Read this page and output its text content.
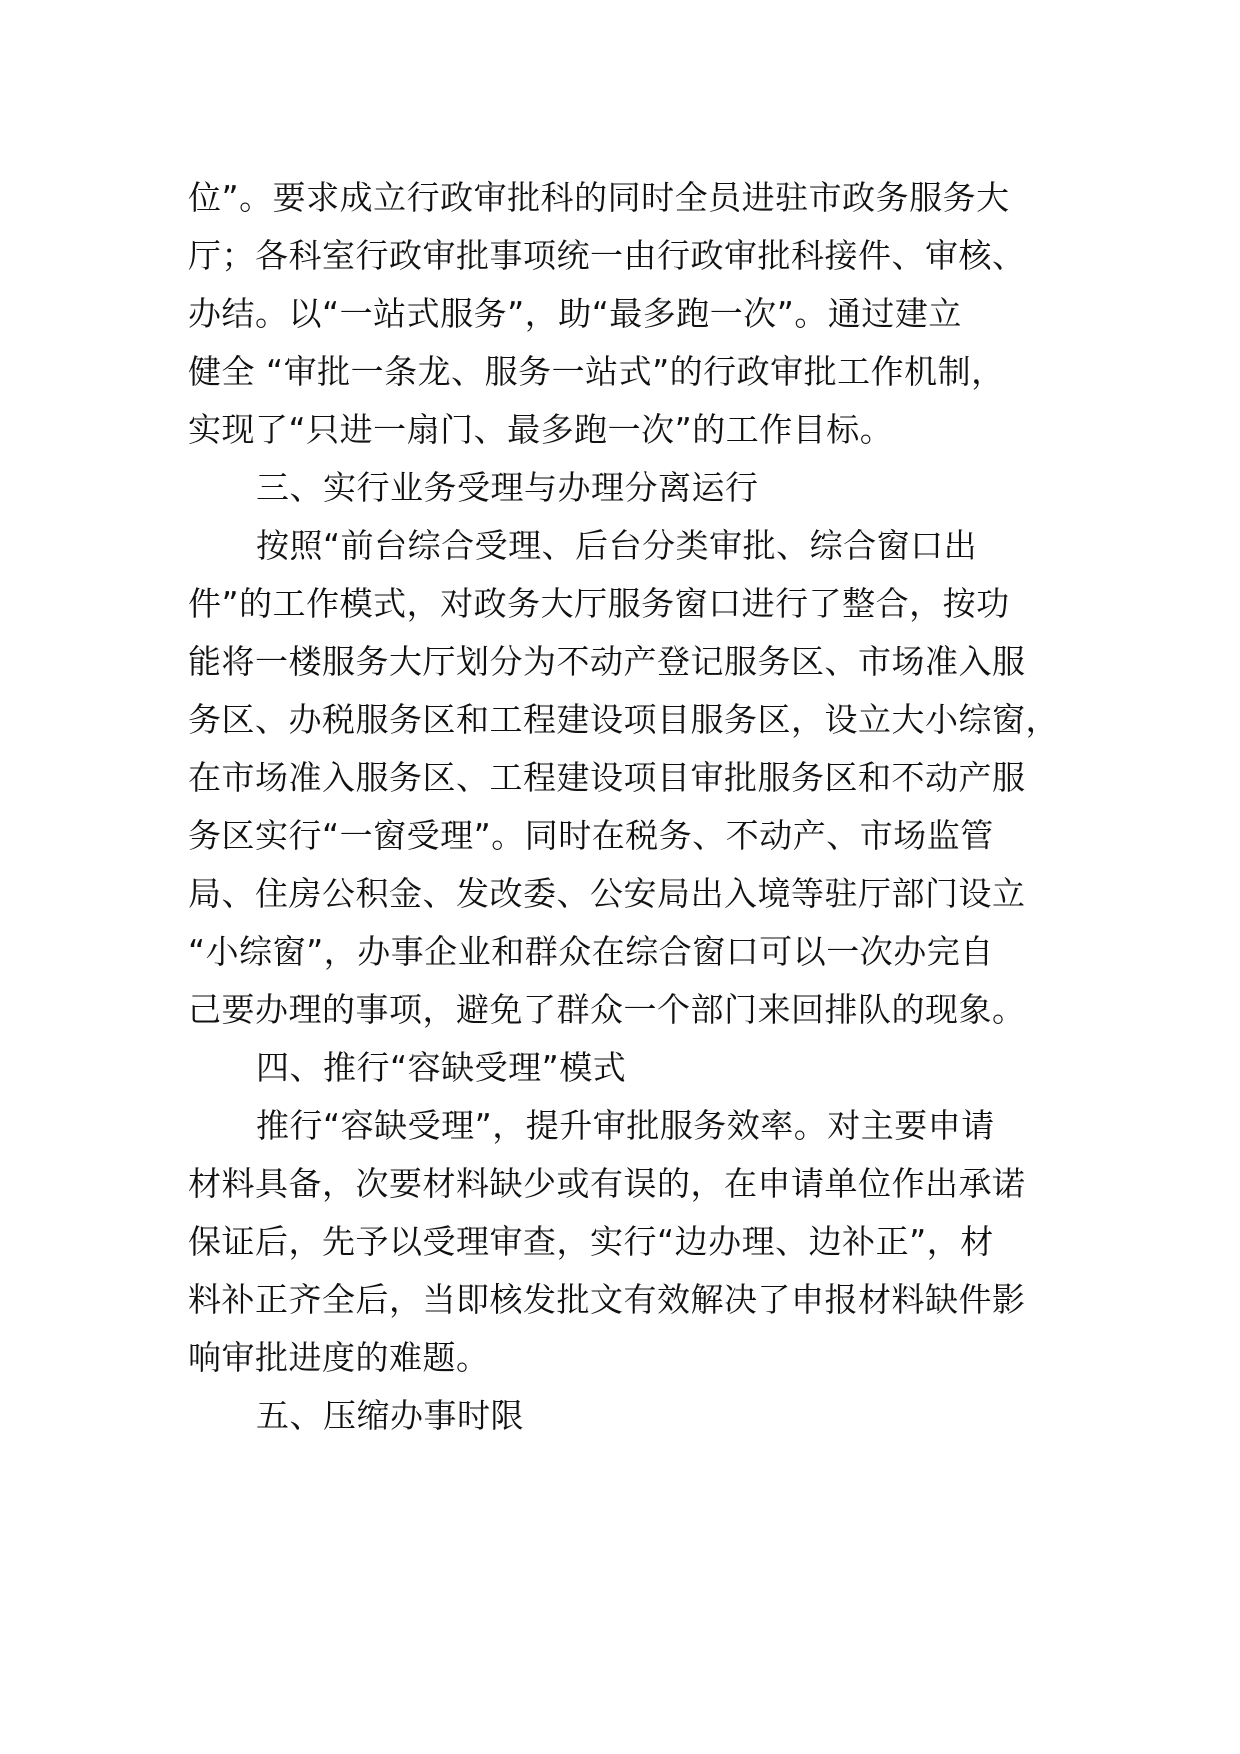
位”。要求成立行政审批科的同时全员进驻市政务服务大
厅；各科室行政审批事项统一由行政审批科接件、审核、
办结。以“一站式服务”，助“最多跑一次”。通过建立
健全 “审批一条龙、服务一站式”的行政审批工作机制，
实现了“只进一扇门、最多跑一次”的工作目标。
三、实行业务受理与办理分离运行
按照“前台综合受理、后台分类审批、综合窗口出
件”的工作模式，对政务大厅服务窗口进行了整合，按功
能将一楼服务大厅划分为不动产登记服务区、市场准入服
务区、办税服务区和工程建设项目服务区，设立大小综窗，
在市场准入服务区、工程建设项目审批服务区和不动产服
务区实行“一窗受理”。同时在税务、不动产、市场监管
局、住房公积金、发改委、公安局出入境等驻厅部门设立
“小综窗”，办事企业和群众在综合窗口可以一次办完自
己要办理的事项，避免了群众一个部门来回排队的现象。
四、推行“容缺受理”模式
推行“容缺受理”，提升审批服务效率。对主要申请
材料具备，次要材料缺少或有误的，在申请单位作出承诺
保证后，先予以受理审查，实行“边办理、边补正”，材
料补正齐全后，当即核发批文有效解决了申报材料缺件影
响审批进度的难题。
五、压缩办事时限
